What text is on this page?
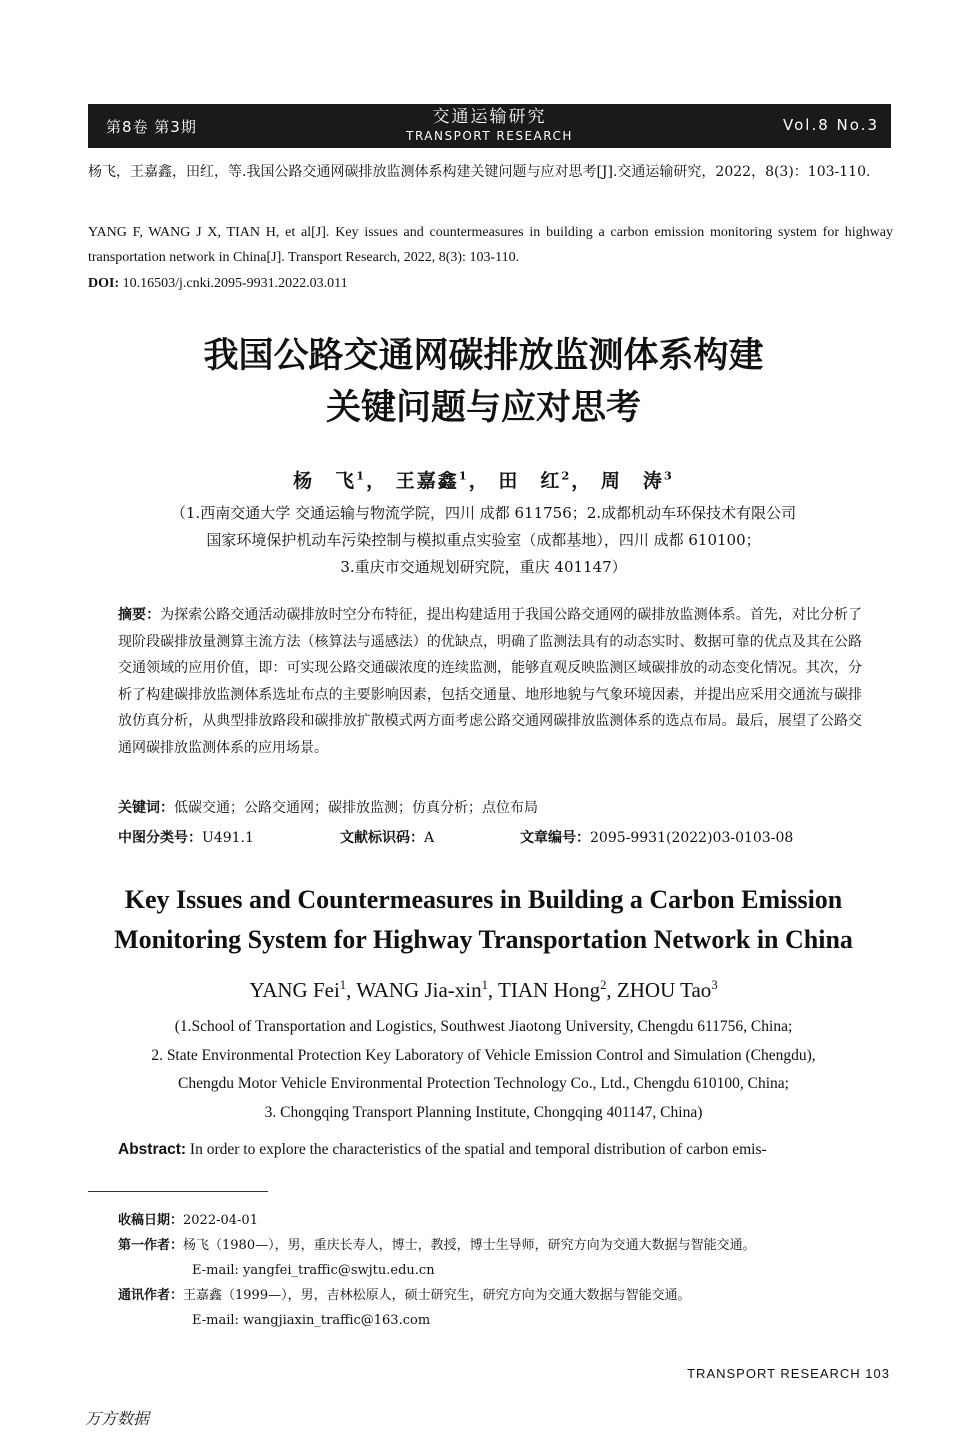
第8卷 第3期	交通运输研究
TRANSPORT RESEARCH
Vol.8 No.3
杨飞，王嘉鑫，田红，等.我国公路交通网碳排放监测体系构建关键问题与应对思考[J].交通运输研究，2022，8(3)：103-110.
YANG F, WANG J X, TIAN H, et al[J]. Key issues and countermeasures in building a carbon emission monitoring system for highway transportation network in China[J]. Transport Research, 2022, 8(3): 103-110.
DOI: 10.16503/j.cnki.2095-9931.2022.03.011
我国公路交通网碳排放监测体系构建
关键问题与应对思考
杨　飞$^1$， 王嘉鑫$^1$， 田　红$^2$， 周　涛$^3$
（1.西南交通大学 交通运输与物流学院，四川 成都 611756；2.成都机动车环保技术有限公司
国家环境保护机动车污染控制与模拟重点实验室（成都基地），四川 成都 610100；
3.重庆市交通规划研究院，重庆 401147）
摘要：为探索公路交通活动碳排放时空分布特征，提出构建适用于我国公路交通网的碳排放监测体系。首先，对比分析了现阶段碳排放量测算主流方法（核算法与遥感法）的优缺点，明确了监测法具有的动态实时、数据可靠的优点及其在公路交通领域的应用价值，即：可实现公路交通碳浓度的连续监测，能够直观反映监测区域碳排放的动态变化情况。其次，分析了构建碳排放监测体系选址布点的主要影响因素，包括交通量、地形地貌与气象环境因素，并提出应采用交通流与碳排放仿真分析，从典型排放路段和碳排放扩散模式两方面考虑公路交通网碳排放监测体系的选点布局。最后，展望了公路交通网碳排放监测体系的应用场景。
关键词：低碳交通；公路交通网；碳排放监测；仿真分析；点位布局
中图分类号：U491.1	文献标识码：A	文章编号：2095-9931(2022)03-0103-08
Key Issues and Countermeasures in Building a Carbon Emission
Monitoring System for Highway Transportation Network in China
YANG Fei$^1$, WANG Jia-xin$^1$, TIAN Hong$^2$, ZHOU Tao$^3$
(1.School of Transportation and Logistics, Southwest Jiaotong University, Chengdu 611756, China;
2. State Environmental Protection Key Laboratory of Vehicle Emission Control and Simulation (Chengdu),
Chengdu Motor Vehicle Environmental Protection Technology Co., Ltd., Chengdu 610100, China;
3. Chongqing Transport Planning Institute, Chongqing 401147, China)
Abstract: In order to explore the characteristics of the spatial and temporal distribution of carbon emis-
收稿日期：2022-04-01
第一作者：杨飞（1980—），男，重庆长寿人，博士，教授，博士生导师，研究方向为交通大数据与智能交通。
E-mail: yangfei_traffic@swjtu.edu.cn
通讯作者：王嘉鑫（1999—），男，吉林松原人，硕士研究生，研究方向为交通大数据与智能交通。
E-mail: wangjiaxin_traffic@163.com
TRANSPORT RESEARCH 103
万方数据
